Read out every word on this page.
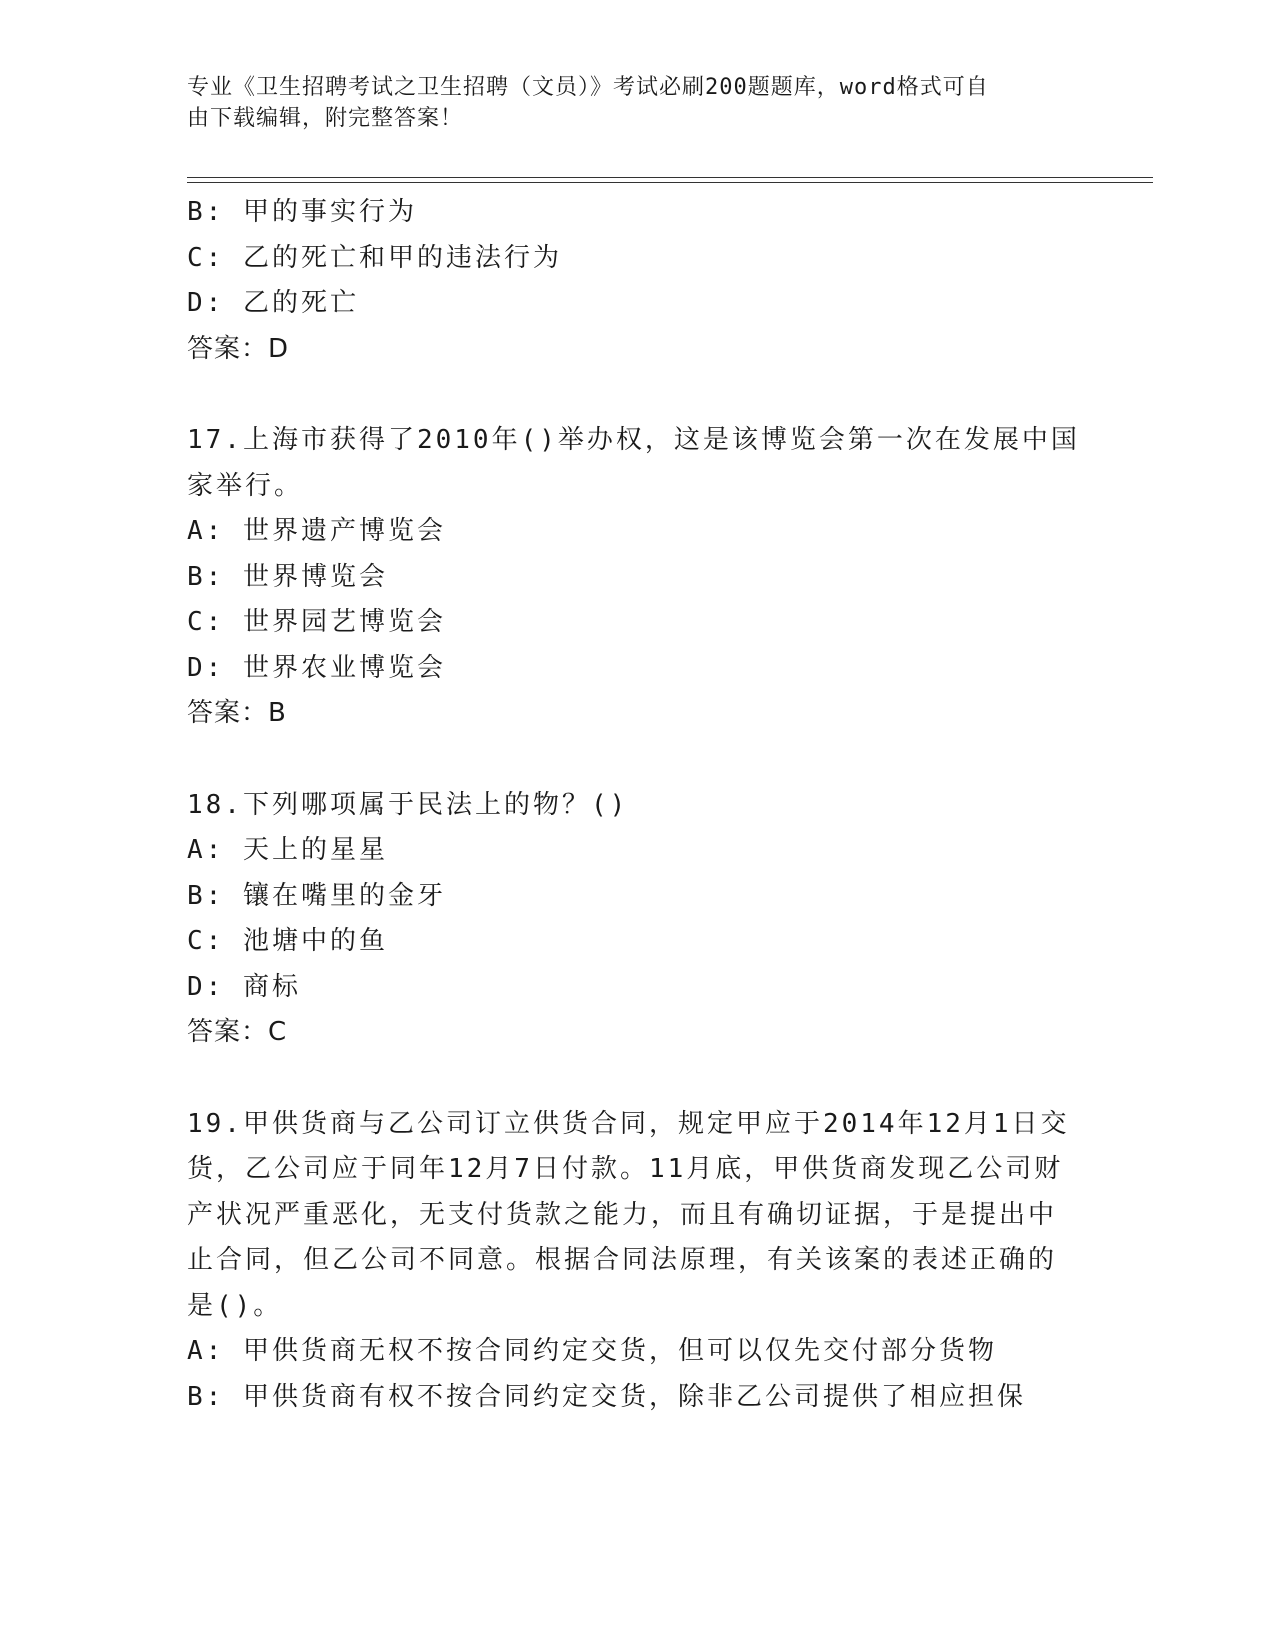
专业《卫生招聘考试之卫生招聘（文员）》考试必刷200题题库，word格式可自
由下载编辑，附完整答案！
B: 甲的事实行为
C: 乙的死亡和甲的违法行为
D: 乙的死亡
答案：D
17.上海市获得了2010年()举办权，这是该博览会第一次在发展中国
家举行。
A: 世界遗产博览会
B: 世界博览会
C: 世界园艺博览会
D: 世界农业博览会
答案：B
18.下列哪项属于民法上的物？()
A: 天上的星星
B: 镶在嘴里的金牙
C: 池塘中的鱼
D: 商标
答案：C
19.甲供货商与乙公司订立供货合同，规定甲应于2014年12月1日交
货，乙公司应于同年12月7日付款。11月底，甲供货商发现乙公司财
产状况严重恶化，无支付货款之能力，而且有确切证据，于是提出中
止合同，但乙公司不同意。根据合同法原理，有关该案的表述正确的
是()。
A: 甲供货商无权不按合同约定交货，但可以仅先交付部分货物
B: 甲供货商有权不按合同约定交货，除非乙公司提供了相应担保
